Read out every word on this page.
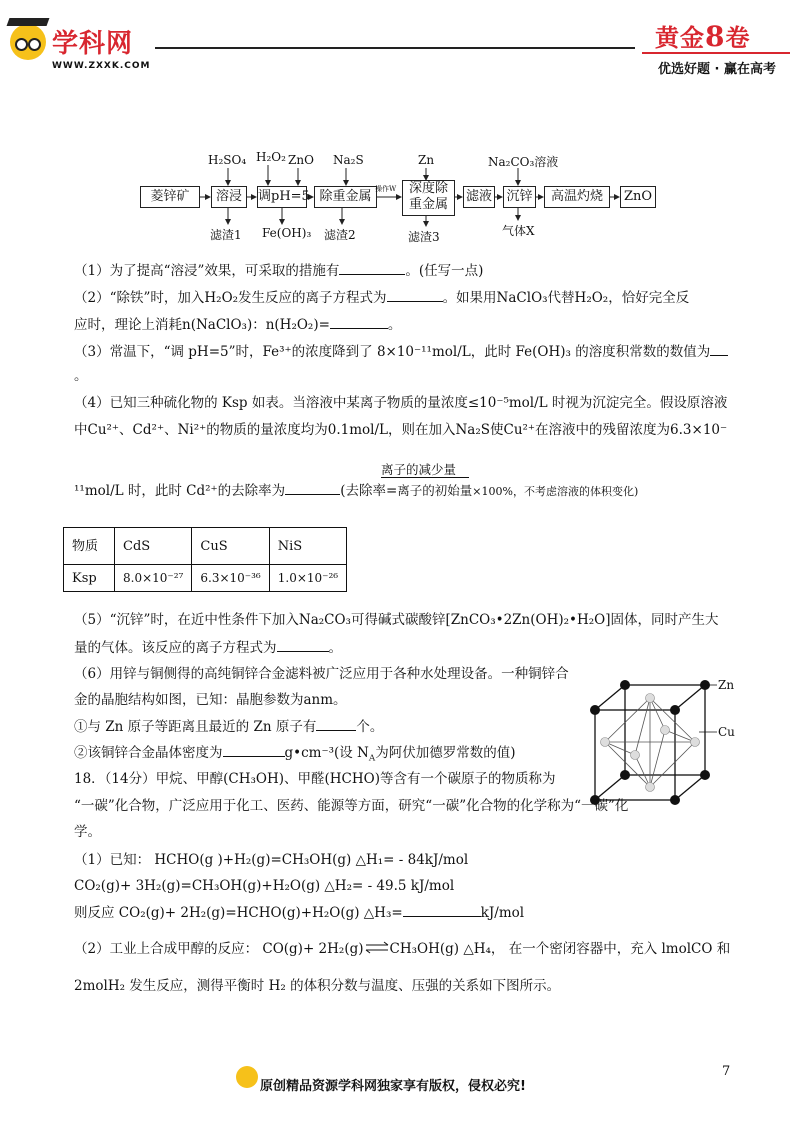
学科网
WWW.ZXXK.COM
黄金8卷
优选好题 · 赢在高考
菱锌矿	溶浸	调pH=5 除重金属
深度除
重金属
滤液 沉锌	高温灼烧	ZnO
H₂SO₄ H₂O₂ ZnO Na₂S	Zn	Na₂CO₃溶液
滤渣1 Fe(OH)₃ 滤渣2	滤渣3	气体X
操作W
（1）为了提高“溶浸”效果，可采取的措施有	。(任写一点)
（2）“除铁”时，加入H₂O₂发生反应的离子方程式为	。如果用NaClO₃代替H₂O₂，恰好完全反
应时，理论上消耗n(NaClO₃)：n(H₂O₂)=	。
（3）常温下，“调 pH=5”时，Fe³⁺的浓度降到了 8×10⁻¹¹mol/L，此时 Fe(OH)₃ 的溶度积常数的数值为
。
（4）已知三种硫化物的 Ksp 如表。当溶液中某离子物质的量浓度≤10⁻⁵mol/L 时视为沉淀完全。假设原溶液
中Cu²⁺、Cd²⁺、Ni²⁺的物质的量浓度均为0.1mol/L，则在加入Na₂S使Cu²⁺在溶液中的残留浓度为6.3×10⁻
离子的减少量
¹¹mol/L 时，此时 Cd²⁺的去除率为	(去除率=离子的初始量×100%，不考虑溶液的体积变化)
物质	CdS	CuS	NiS
Ksp	8.0×10⁻²⁷	6.3×10⁻³⁶	1.0×10⁻²⁶
（5）“沉锌”时，在近中性条件下加入Na₂CO₃可得碱式碳酸锌[ZnCO₃•2Zn(OH)₂•H₂O]固体，同时产生大
量的气体。该反应的离子方程式为	。
（6）用锌与铜侧得的高纯铜锌合金滤料被广泛应用于各种水处理设备。一种铜锌合
金的晶胞结构如图，已知：晶胞参数为anm。
①与 Zn 原子等距离且最近的 Zn 原子有	个。
②该铜锌合金晶体密度为	g•cm⁻³(设 $N_A$为阿伏加德罗常数的值)
Zn
Cu
18．（14分）甲烷、甲醇(CH₃OH)、甲醛(HCHO)等含有一个碳原子的物质称为
“一碳”化合物，广泛应用于化工、医药、能源等方面，研究“一碳”化合物的化学称为“一碳”化
学。
（1）已知： HCHO(g )+H₂(g)=CH₃OH(g) △H₁= - 84kJ/mol
CO₂(g)+ 3H₂(g)=CH₃OH(g)+H₂O(g) △H₂= - 49.5 kJ/mol
则反应 CO₂(g)+ 2H₂(g)=HCHO(g)+H₂O(g) △H₃=	kJ/mol
（2）工业上合成甲醇的反应： CO(g)+ 2H₂(g)⇌CH₃OH(g) △H₄， 在一个密闭容器中，充入 lmolCO 和
2molH₂ 发生反应，测得平衡时 H₂ 的体积分数与温度、压强的关系如下图所示。
7
原创精品资源学科网独家享有版权，侵权必究!
